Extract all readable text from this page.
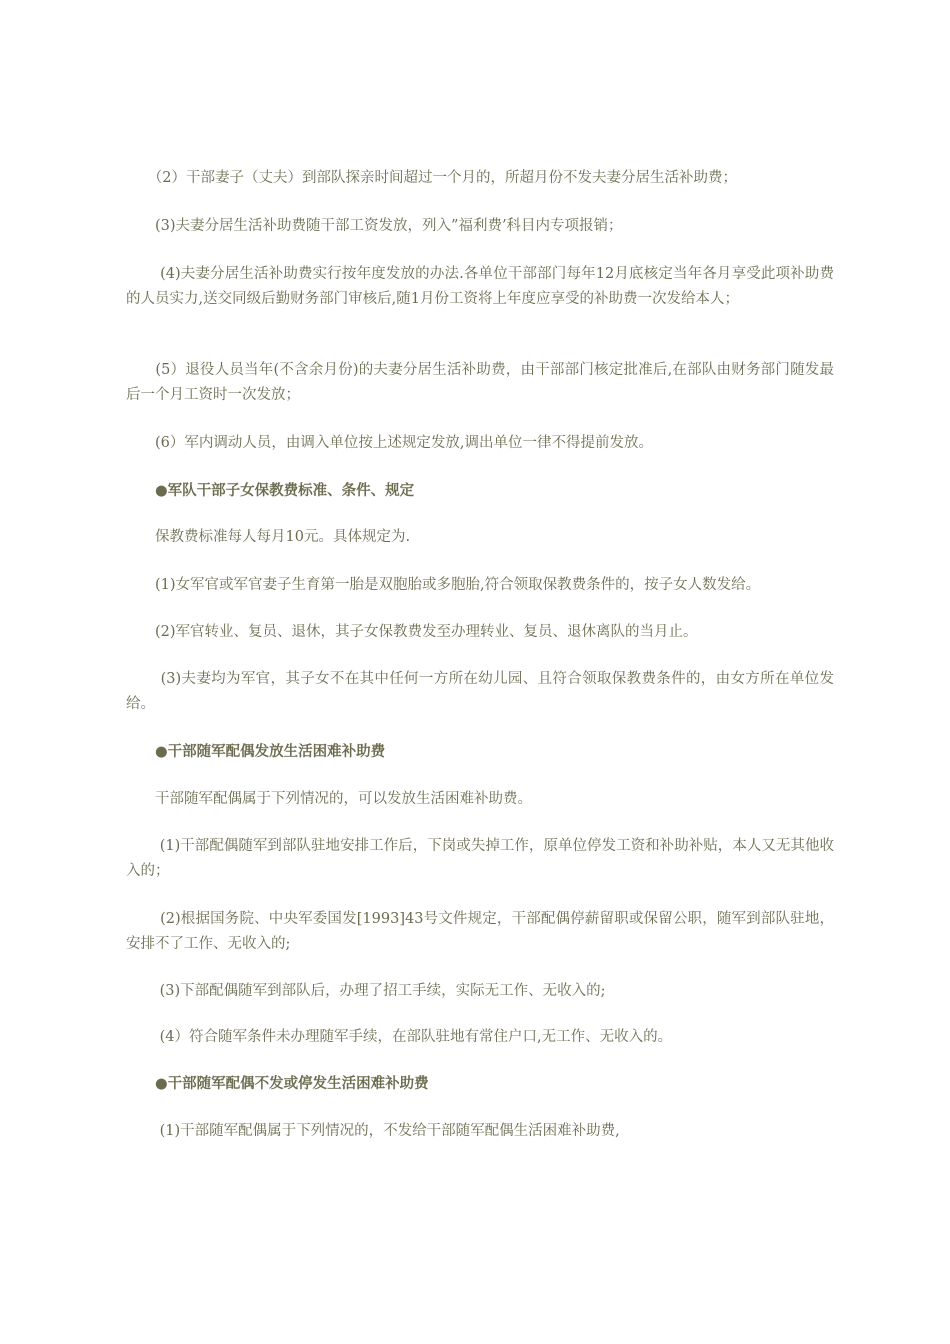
　　（2）干部妻子（丈夫）到部队探亲时间超过一个月的，所超月份不发夫妻分居生活补助费；
　　(3)夫妻分居生活补助费随干部工资发放，列入”福利费’科目内专项报销；
　　 (4)夫妻分居生活补助费实行按年度发放的办法.各单位干部部门每年12月底核定当年各月享受此项补助费的人员实力,送交同级后勤财务部门审核后,随1月份工资将上年度应享受的补助费一次发给本人；
　　(5）退役人员当年(不含余月份)的夫妻分居生活补助费，由干部部门核定批准后,在部队由财务部门随发最后一个月工资时一次发放；
　　(6）军内调动人员，由调入单位按上述规定发放,调出单位一律不得提前发放。
　　●军队干部子女保教费标准、条件、规定
　　保教费标准每人每月10元。具体规定为.
　　(1)女军官或军官妻子生育第一胎是双胞胎或多胞胎,符合领取保教费条件的，按子女人数发给。
　　(2)军官转业、复员、退休，其子女保教费发至办理转业、复员、退休离队的当月止。
　　 (3)夫妻均为军官，其子女不在其中任何一方所在幼儿园、且符合领取保教费条件的，由女方所在单位发给。
　　●干部随军配偶发放生活困难补助费
　　干部随军配偶属于下列情况的，可以发放生活困难补助费。
　　 (1)干部配偶随军到部队驻地安排工作后，下岗或失掉工作，原单位停发工资和补助补贴，本人又无其他收入的；
　　 (2)根据国务院、中央军委国发[1993]43号文件规定，干部配偶停薪留职或保留公职，随军到部队驻地，安排不了工作、无收入的;
　　 (3)下部配偶随军到部队后，办理了招工手续，实际无工作、无收入的;
　　 (4）符合随军条件未办理随军手续，在部队驻地有常住户口,无工作、无收入的。
　　●干部随军配偶不发或停发生活困难补助费
　　 (1)干部随军配偶属于下列情况的，不发给干部随军配偶生活困难补助费,
